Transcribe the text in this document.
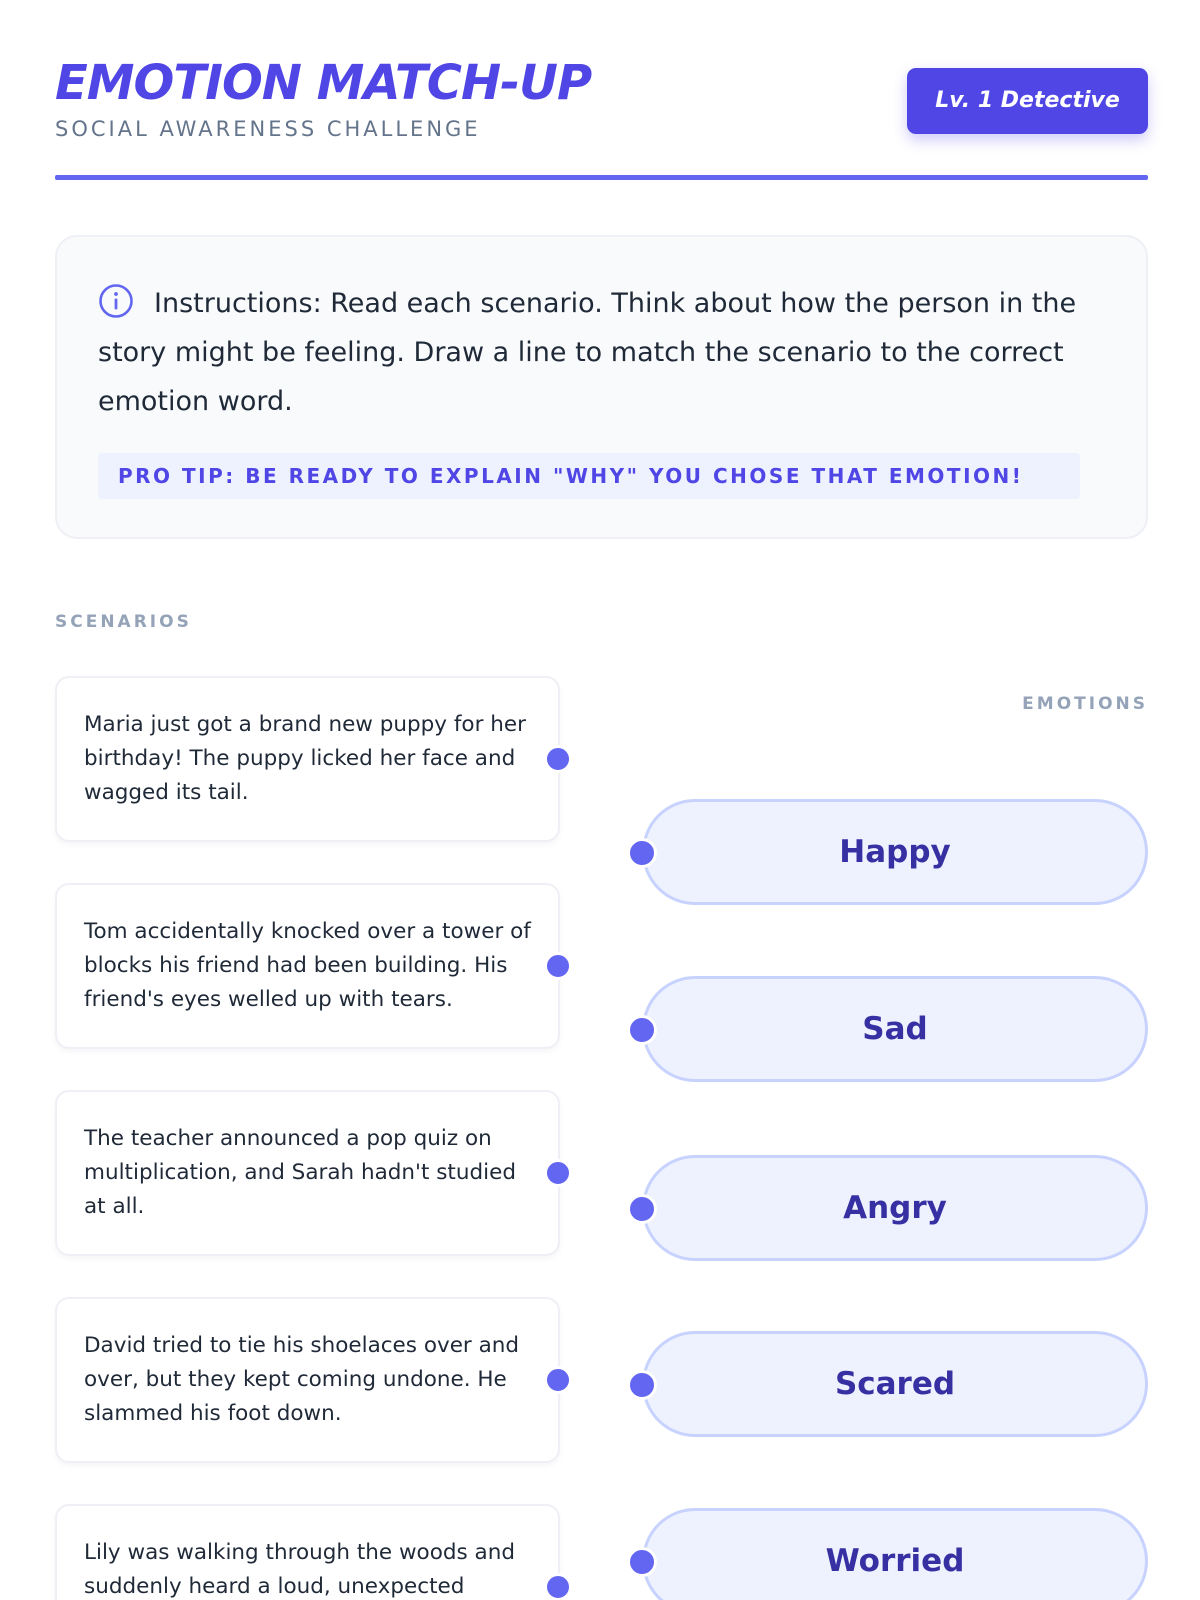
EMOTION MATCH-UP
SOCIAL AWARENESS CHALLENGE
Lv. 1 Detective
Instructions: Read each scenario. Think about how the person in the story might be feeling. Draw a line to match the scenario to the correct emotion word.
PRO TIP: BE READY TO EXPLAIN "WHY" YOU CHOSE THAT EMOTION!
SCENARIOS
EMOTIONS
Maria just got a brand new puppy for her birthday! The puppy licked her face and wagged its tail.
Tom accidentally knocked over a tower of blocks his friend had been building. His friend's eyes welled up with tears.
The teacher announced a pop quiz on multiplication, and Sarah hadn't studied at all.
David tried to tie his shoelaces over and over, but they kept coming undone. He slammed his foot down.
Lily was walking through the woods and suddenly heard a loud, unexpected
Happy
Sad
Angry
Scared
Worried
